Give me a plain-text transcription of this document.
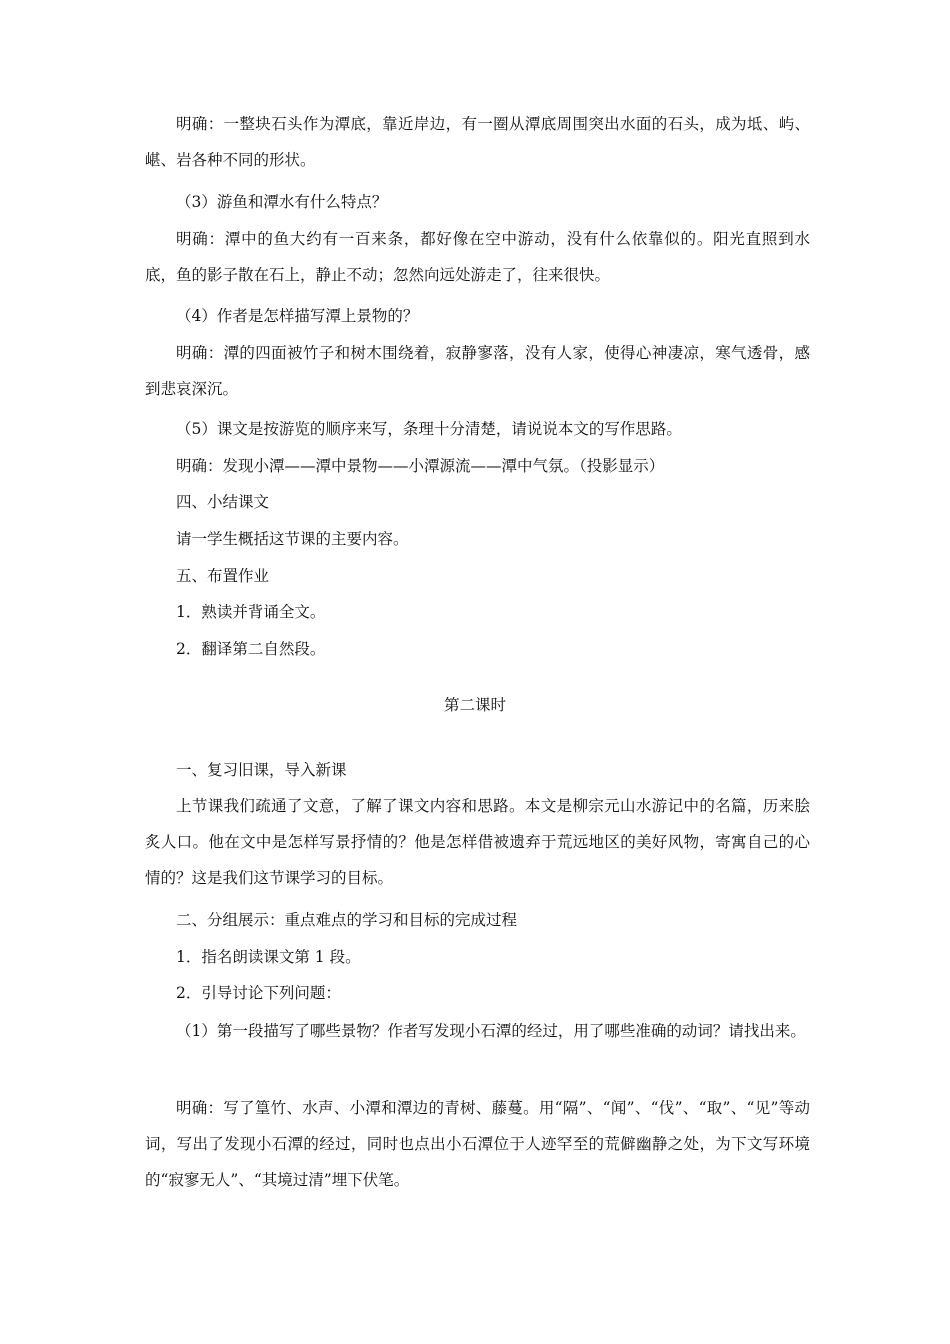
明确：一整块石头作为潭底，靠近岸边，有一圈从潭底周围突出水面的石头，成为坻、屿、嵁、岩各种不同的形状。

（3）游鱼和潭水有什么特点？

明确：潭中的鱼大约有一百来条，都好像在空中游动，没有什么依靠似的。阳光直照到水底，鱼的影子散在石上，静止不动；忽然向远处游走了，往来很快。

（4）作者是怎样描写潭上景物的？

明确：潭的四面被竹子和树木围绕着，寂静寥落，没有人家，使得心神凄凉，寒气透骨，感到悲哀深沉。

（5）课文是按游览的顺序来写，条理十分清楚，请说说本文的写作思路。

明确：发现小潭——潭中景物——小潭源流——潭中气氛。（投影显示）

四、小结课文

请一学生概括这节课的主要内容。

五、布置作业

1．熟读并背诵全文。

2．翻译第二自然段。

第二课时

一、复习旧课，导入新课

上节课我们疏通了文意，了解了课文内容和思路。本文是柳宗元山水游记中的名篇，历来脍炙人口。他在文中是怎样写景抒情的？他是怎样借被遗弃于荒远地区的美好风物，寄寓自己的心情的？这是我们这节课学习的目标。

二、分组展示：重点难点的学习和目标的完成过程

1．指名朗读课文第 1 段。

2．引导讨论下列问题：

（1）第一段描写了哪些景物？作者写发现小石潭的经过，用了哪些准确的动词？请找出来。

明确：写了篁竹、水声、小潭和潭边的青树、藤蔓。用“隔”、“闻”、“伐”、“取”、“见”等动词，写出了发现小石潭的经过，同时也点出小石潭位于人迹罕至的荒僻幽静之处，为下文写环境的“寂寥无人”、“其境过清”埋下伏笔。
